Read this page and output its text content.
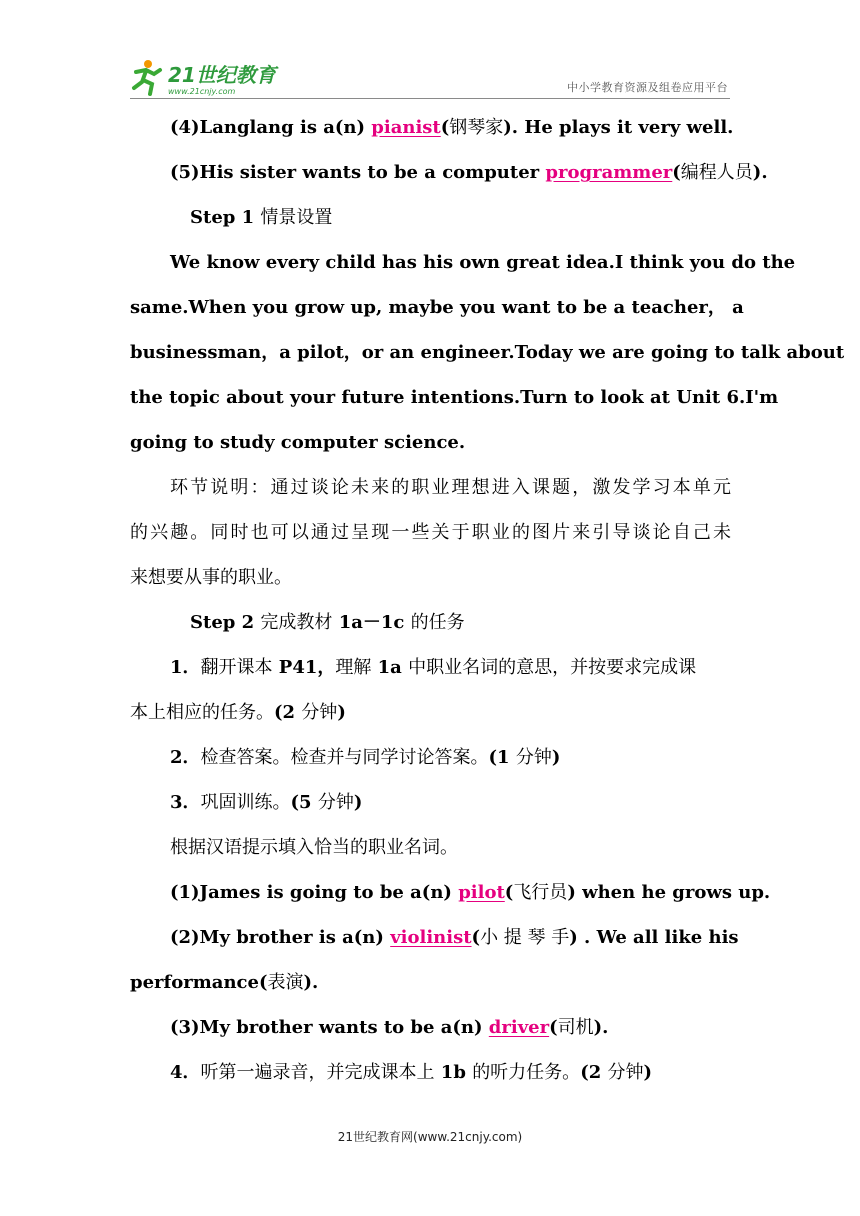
21世纪教育
www.21cnjy.com	中小学教育资源及组卷应用平台
(4)Langlang is a(n) pianist(钢琴家). He plays it very well.
(5)His sister wants to be a computer programmer(编程人员).
Step 1 情景设置
We know every child has his own great idea.I think you do the
same.When you grow up, maybe you want to be a teacher， a
businessman，a pilot，or an engineer.Today we are going to talk about
the topic about your future intentions.Turn to look at Unit 6.I'm
going to study computer science.
环节说明：通过谈论未来的职业理想进入课题，激发学习本单元
的兴趣。同时也可以通过呈现一些关于职业的图片来引导谈论自己未
来想要从事的职业。
Step 2 完成教材 1a－1c 的任务
1．翻开课本 P41，理解 1a 中职业名词的意思，并按要求完成课
本上相应的任务。(2 分钟)
2．检查答案。检查并与同学讨论答案。(1 分钟)
3．巩固训练。(5 分钟)
根据汉语提示填入恰当的职业名词。
(1)James is going to be a(n) pilot(飞行员) when he grows up.
(2)My brother is a(n) violinist(小 提 琴 手) . We all like his
performance(表演).
(3)My brother wants to be a(n) driver(司机).
4．听第一遍录音，并完成课本上 1b 的听力任务。(2 分钟)
21世纪教育网(www.21cnjy.com)
